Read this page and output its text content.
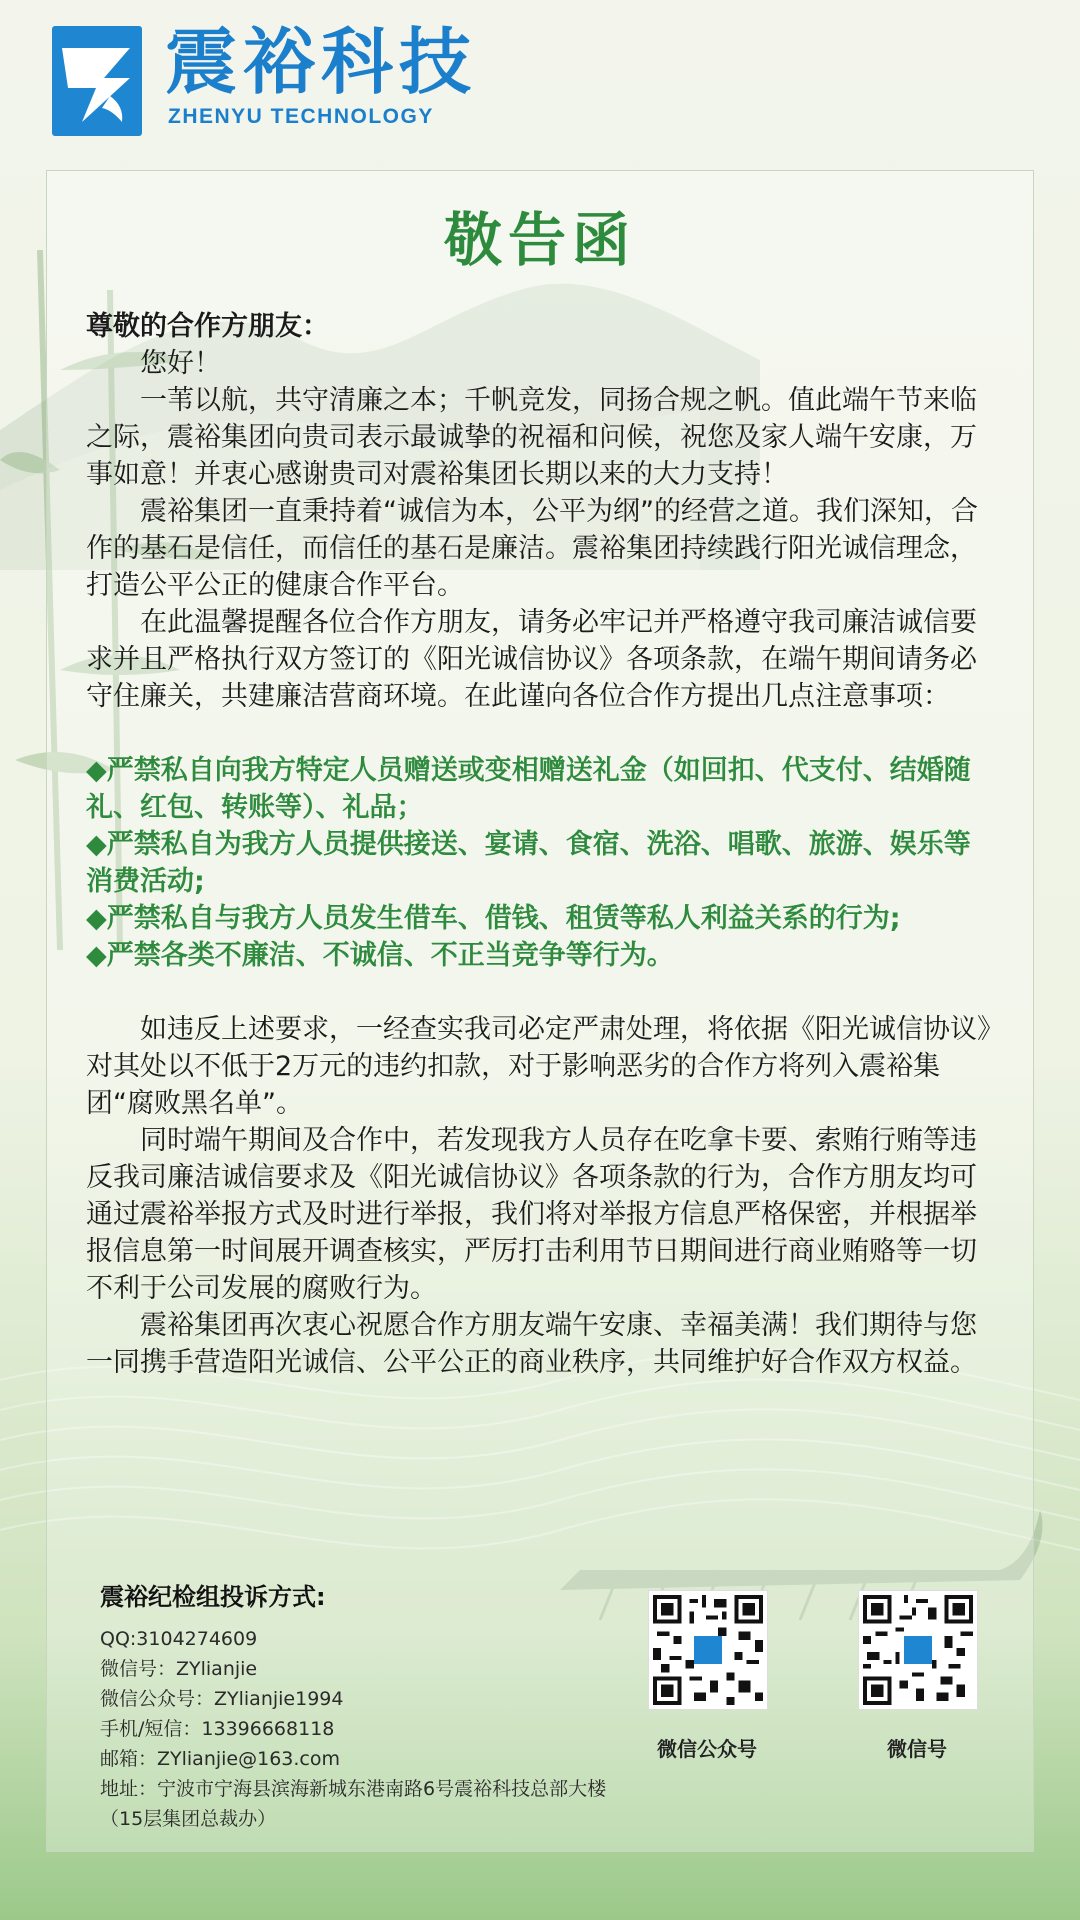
震裕科技
ZHENYU TECHNOLOGY
敬告函

尊敬的合作方朋友：

您好！

一苇以航，共守清廉之本；千帆竞发，同扬合规之帆。值此端午节来临之际，震裕集团向贵司表示最诚挚的祝福和问候，祝您及家人端午安康，万事如意！并衷心感谢贵司对震裕集团长期以来的大力支持！

震裕集团一直秉持着“诚信为本，公平为纲”的经营之道。我们深知，合作的基石是信任，而信任的基石是廉洁。震裕集团持续践行阳光诚信理念，打造公平公正的健康合作平台。

在此温馨提醒各位合作方朋友，请务必牢记并严格遵守我司廉洁诚信要求并且严格执行双方签订的《阳光诚信协议》各项条款，在端午期间请务必守住廉关，共建廉洁营商环境。在此谨向各位合作方提出几点注意事项：

◆严禁私自向我方特定人员赠送或变相赠送礼金（如回扣、代支付、结婚随礼、红包、转账等）、礼品；

◆严禁私自为我方人员提供接送、宴请、食宿、洗浴、唱歌、旅游、娱乐等消费活动;

◆严禁私自与我方人员发生借车、借钱、租赁等私人利益关系的行为;

◆严禁各类不廉洁、不诚信、不正当竞争等行为。

如违反上述要求，一经查实我司必定严肃处理，将依据《阳光诚信协议》对其处以不低于2万元的违约扣款，对于影响恶劣的合作方将列入震裕集团“腐败黑名单”。

同时端午期间及合作中，若发现我方人员存在吃拿卡要、索贿行贿等违反我司廉洁诚信要求及《阳光诚信协议》各项条款的行为，合作方朋友均可通过震裕举报方式及时进行举报，我们将对举报方信息严格保密，并根据举报信息第一时间展开调查核实，严厉打击利用节日期间进行商业贿赂等一切不利于公司发展的腐败行为。

震裕集团再次衷心祝愿合作方朋友端午安康、幸福美满！我们期待与您一同携手营造阳光诚信、公平公正的商业秩序，共同维护好合作双方权益。

震裕纪检组投诉方式:
QQ:3104274609
微信号：ZYlianjie
微信公众号：ZYlianjie1994
手机/短信：13396668118
邮箱：ZYlianjie@163.com
地址：宁波市宁海县滨海新城东港南路6号震裕科技总部大楼（15层集团总裁办）
微信公众号	微信号
